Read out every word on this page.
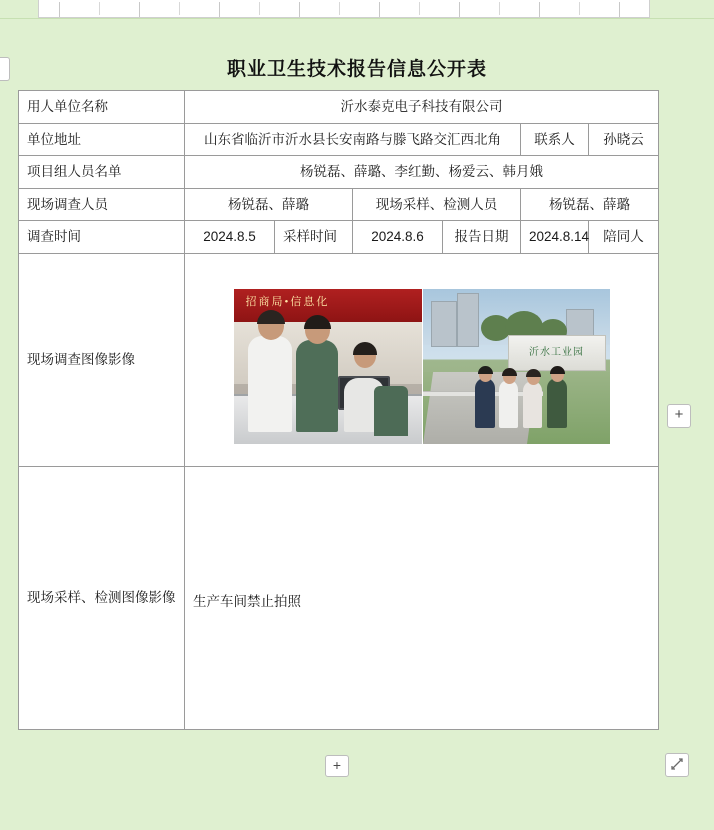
职业卫生技术报告信息公开表
用人单位名称	沂水泰克电子科技有限公司					
单位地址	山东省临沂市沂水县长安南路与滕飞路交汇西北角				联系人	孙晓云
项目组人员名单	杨锐磊、薛璐、李红勤、杨爱云、韩月娥					
现场调查人员	杨锐磊、薛璐		现场采样、检测人员		杨锐磊、薛璐	
调查时间	2024.8.5	采样时间	2024.8.6	报告日期	2024.8.14	陪同人
现场调查图像影像	招商局•信息化
沂水工业园					

现场采样、检测图像影像	生产车间禁止拍照					
+
+
